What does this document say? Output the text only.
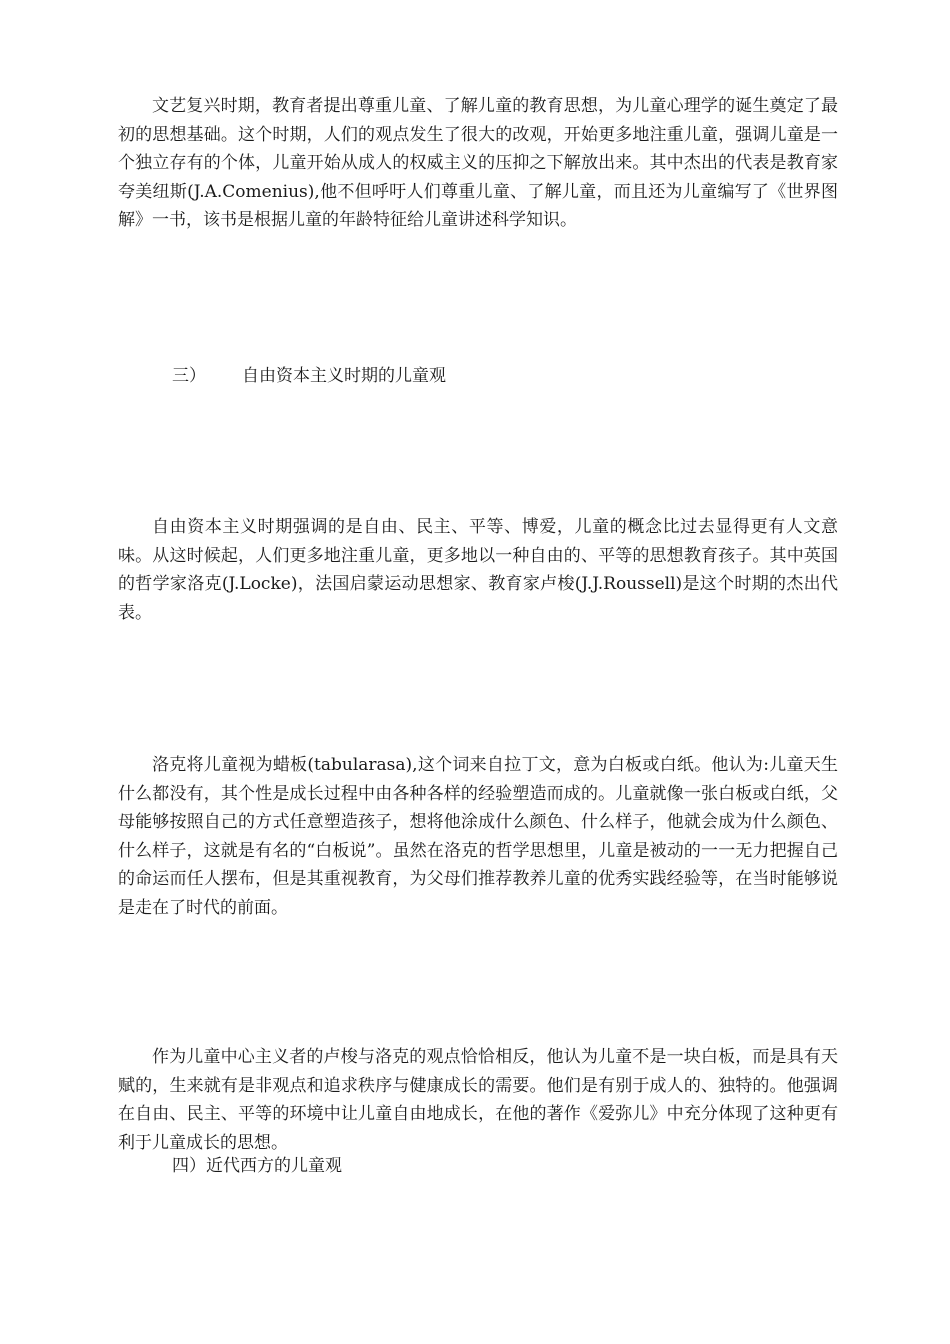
文艺复兴时期，教育者提出尊重儿童、了解儿童的教育思想，为儿童心理学的诞生奠定了最初的思想基础。这个时期，人们的观点发生了很大的改观，开始更多地注重儿童，强调儿童是一个独立存有的个体，儿童开始从成人的权威主义的压抑之下解放出来。其中杰出的代表是教育家夸美纽斯(J.A.Comenius),他不但呼吁人们尊重儿童、了解儿童，而且还为儿童编写了《世界图解》一书，该书是根据儿童的年龄特征给儿童讲述科学知识。

三） 自由资本主义时期的儿童观

自由资本主义时期强调的是自由、民主、平等、博爱，儿童的概念比过去显得更有人文意味。从这时候起，人们更多地注重儿童，更多地以一种自由的、平等的思想教育孩子。其中英国的哲学家洛克(J.Locke)，法国启蒙运动思想家、教育家卢梭(J.J.Roussell)是这个时期的杰出代表。

洛克将儿童视为蜡板(tabularasa),这个词来自拉丁文，意为白板或白纸。他认为:儿童天生什么都没有，其个性是成长过程中由各种各样的经验塑造而成的。儿童就像一张白板或白纸，父母能够按照自己的方式任意塑造孩子，想将他涂成什么颜色、什么样子，他就会成为什么颜色、什么样子，这就是有名的“白板说”。虽然在洛克的哲学思想里，儿童是被动的一一无力把握自己的命运而任人摆布，但是其重视教育，为父母们推荐教养儿童的优秀实践经验等，在当时能够说是走在了时代的前面。

作为儿童中心主义者的卢梭与洛克的观点恰恰相反，他认为儿童不是一块白板，而是具有天赋的，生来就有是非观点和追求秩序与健康成长的需要。他们是有别于成人的、独特的。他强调在自由、民主、平等的环境中让儿童自由地成长，在他的著作《爱弥儿》中充分体现了这种更有利于儿童成长的思想。

四）近代西方的儿童观
